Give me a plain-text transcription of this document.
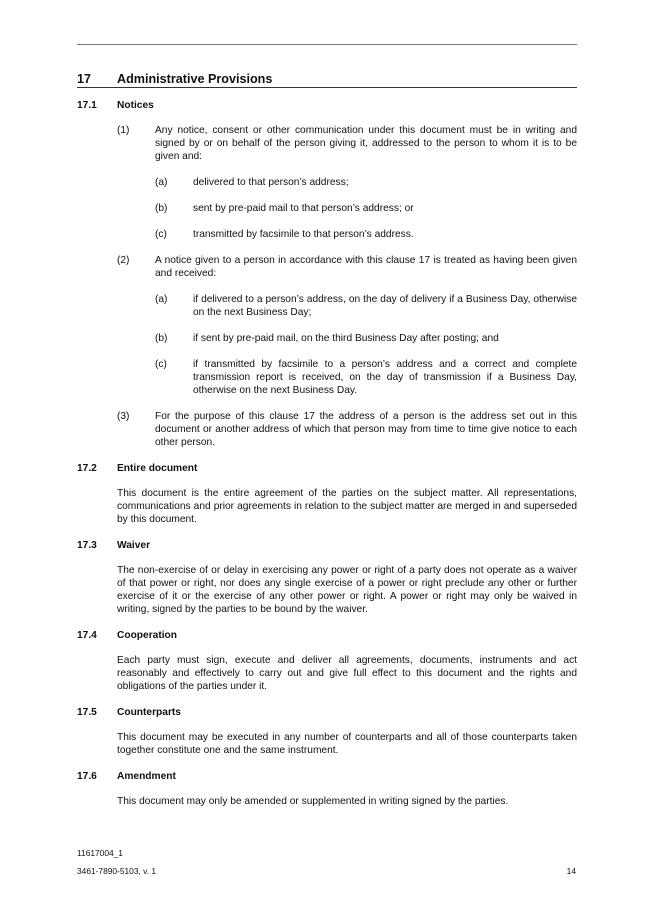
17	Administrative Provisions
17.1	Notices
(1)	Any notice, consent or other communication under this document must be in writing and signed by or on behalf of the person giving it, addressed to the person to whom it is to be given and:
(a)	delivered to that person’s address;
(b)	sent by pre-paid mail to that person’s address; or
(c)	transmitted by facsimile to that person’s address.
(2)	A notice given to a person in accordance with this clause 17 is treated as having been given and received:
(a)	if delivered to a person’s address, on the day of delivery if a Business Day, otherwise on the next Business Day;
(b)	if sent by pre-paid mail, on the third Business Day after posting; and
(c)	if transmitted by facsimile to a person’s address and a correct and complete transmission report is received, on the day of transmission if a Business Day, otherwise on the next Business Day.
(3)	For the purpose of this clause 17 the address of a person is the address set out in this document or another address of which that person may from time to time give notice to each other person.
17.2	Entire document
This document is the entire agreement of the parties on the subject matter. All representations, communications and prior agreements in relation to the subject matter are merged in and superseded by this document.
17.3	Waiver
The non-exercise of or delay in exercising any power or right of a party does not operate as a waiver of that power or right, nor does any single exercise of a power or right preclude any other or further exercise of it or the exercise of any other power or right. A power or right may only be waived in writing, signed by the parties to be bound by the waiver.
17.4	Cooperation
Each party must sign, execute and deliver all agreements, documents, instruments and act reasonably and effectively to carry out and give full effect to this document and the rights and obligations of the parties under it.
17.5	Counterparts
This document may be executed in any number of counterparts and all of those counterparts taken together constitute one and the same instrument.
17.6	Amendment
This document may only be amended or supplemented in writing signed by the parties.
11617004_1
3461-7890-5103, v. 1	14
